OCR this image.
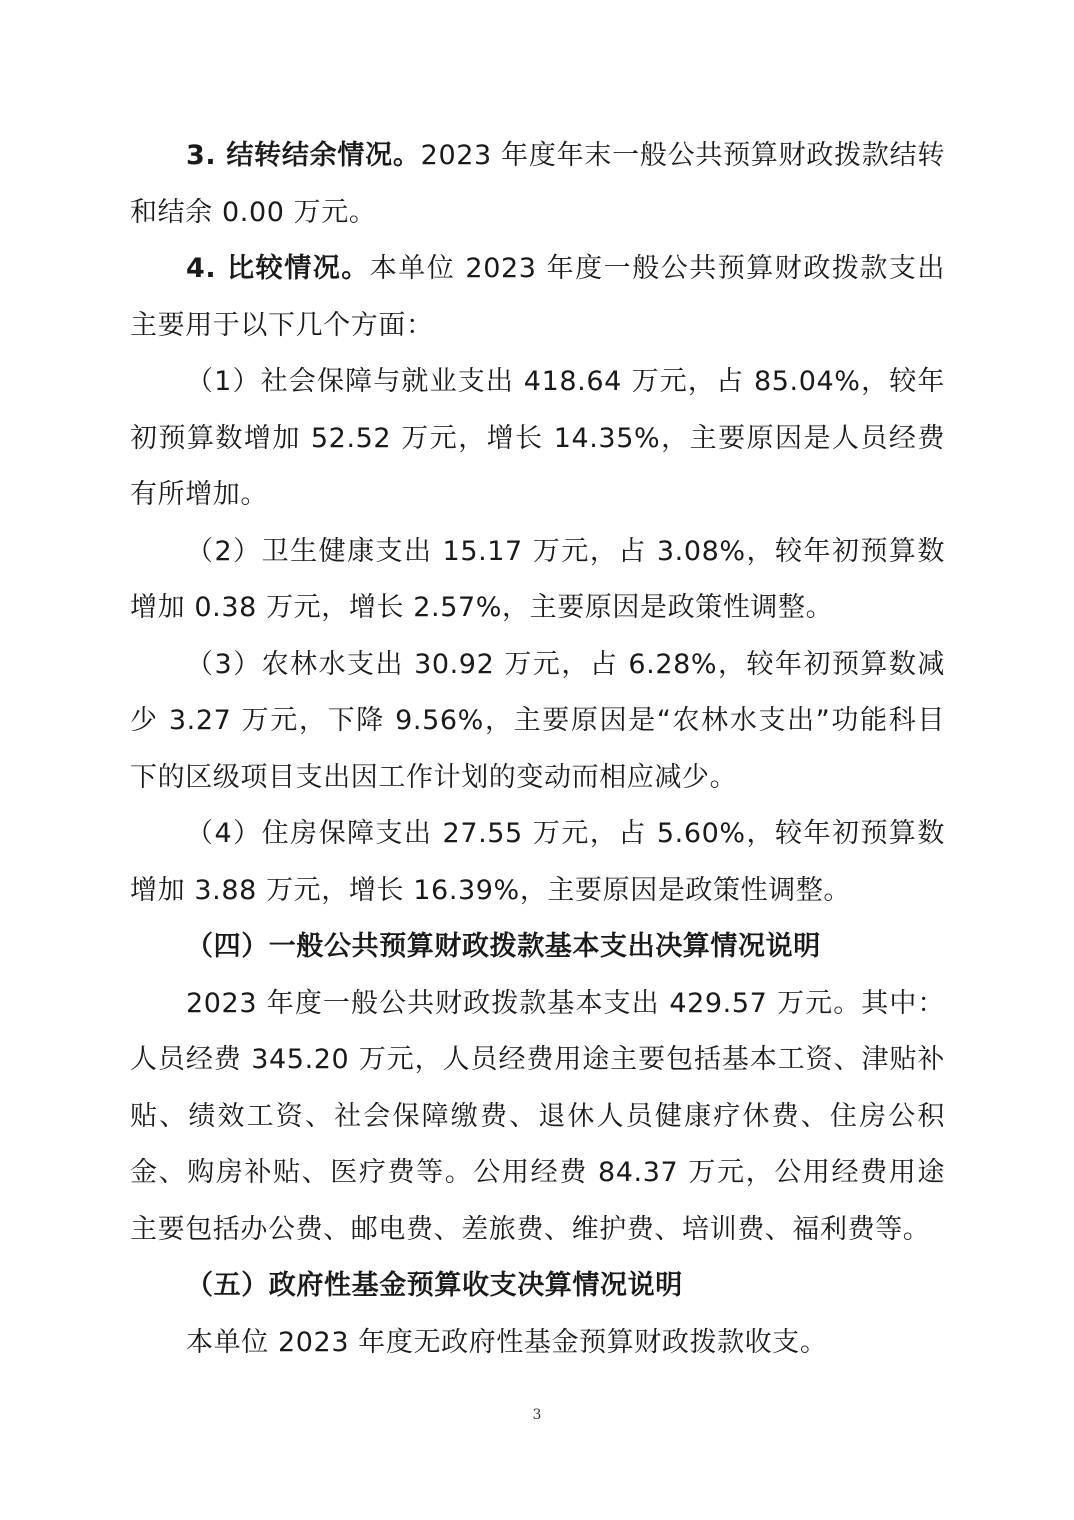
3. 结转结余情况。2023 年度年末一般公共预算财政拨款结转和结余 0.00 万元。

4. 比较情况。本单位 2023 年度一般公共预算财政拨款支出主要用于以下几个方面：

（1）社会保障与就业支出 418.64 万元，占 85.04%，较年初预算数增加 52.52 万元，增长 14.35%，主要原因是人员经费有所增加。

（2）卫生健康支出 15.17 万元，占 3.08%，较年初预算数增加 0.38 万元，增长 2.57%，主要原因是政策性调整。

（3）农林水支出 30.92 万元，占 6.28%，较年初预算数减少 3.27 万元，下降 9.56%，主要原因是“农林水支出”功能科目下的区级项目支出因工作计划的变动而相应减少。

（4）住房保障支出 27.55 万元，占 5.60%，较年初预算数增加 3.88 万元，增长 16.39%，主要原因是政策性调整。

（四）一般公共预算财政拨款基本支出决算情况说明

2023 年度一般公共财政拨款基本支出 429.57 万元。其中：人员经费 345.20 万元，人员经费用途主要包括基本工资、津贴补贴、绩效工资、社会保障缴费、退休人员健康疗休费、住房公积金、购房补贴、医疗费等。公用经费 84.37 万元，公用经费用途主要包括办公费、邮电费、差旅费、维护费、培训费、福利费等。

（五）政府性基金预算收支决算情况说明

本单位 2023 年度无政府性基金预算财政拨款收支。

3
